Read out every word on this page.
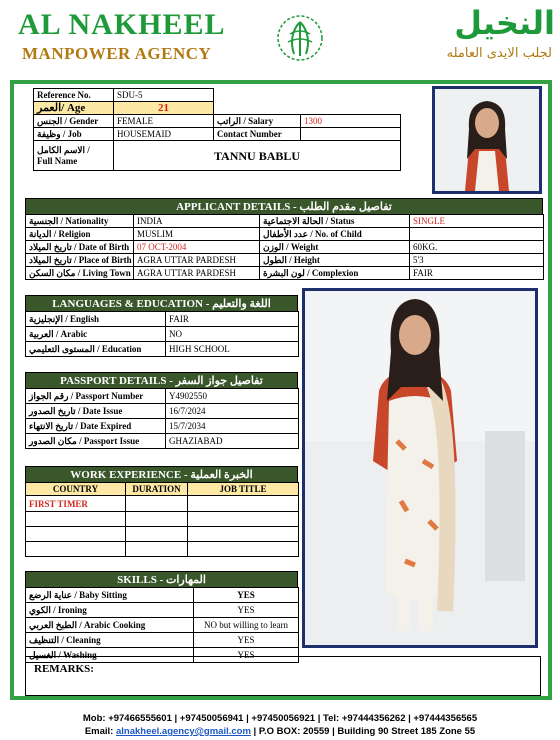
AL NAKHEEL
MANPOWER AGENCY
النخيل
لجلب الايدى العامله
Reference No.	SDU-5		
العمر/ Age	21		
الجنس / Gender	FEMALE	الراتب / Salary	1300
وظيفة / Job	HOUSEMAID	Contact Number	
الاسم الكامل /
Full Name	TANNU BABLU		
APPLICANT DETAILS - تفاصيل مقدم الطلب
الجنسية / Nationality	INDIA	الحالة الاجتماعية / Status	SINGLE
الديانة / Religion	MUSLIM	عدد الأطفال / No. of Child	
تاريخ الميلاد / Date of Birth	07 OCT-2004	الوزن / Weight	60KG.
تاريخ الميلاد / Place of Birth	AGRA UTTAR PARDESH	الطول / Height	5'3
مكان السكن / Living Town	AGRA UTTAR PARDESH	لون البشرة / Complexion	FAIR
LANGUAGES & EDUCATION - اللغة والتعليم
الإنجليزية / English	FAIR
العربية / Arabic	NO
المستوى التعليمي / Education	HIGH SCHOOL
PASSPORT DETAILS - تفاصيل جواز السفر
رقم الجواز / Passport Number	Y4902550
تاريخ الصدور / Date Issue	16/7/2024
تاريخ الانتهاء / Date Expired	15/7/2034
مكان الصدور / Passport Issue	GHAZIABAD
WORK EXPERIENCE - الخبرة العملية
COUNTRY	DURATION	JOB TITLE
FIRST TIMER		

SKILLS - المهارات
عناية الرضع / Baby Sitting	YES
الكوي / Ironing	YES
الطبخ العربي / Arabic Cooking	NO but willing to learn
التنظيف / Cleaning	YES
الغسيل / Washing	YES
REMARKS:
Mob: +97466555601 | +97450056941 | +97450056921 | Tel: +97444356262 | +97444356565
Email: alnakheel.agency@gmail.com | P.O BOX: 20559 | Building 90 Street 185 Zone 55
